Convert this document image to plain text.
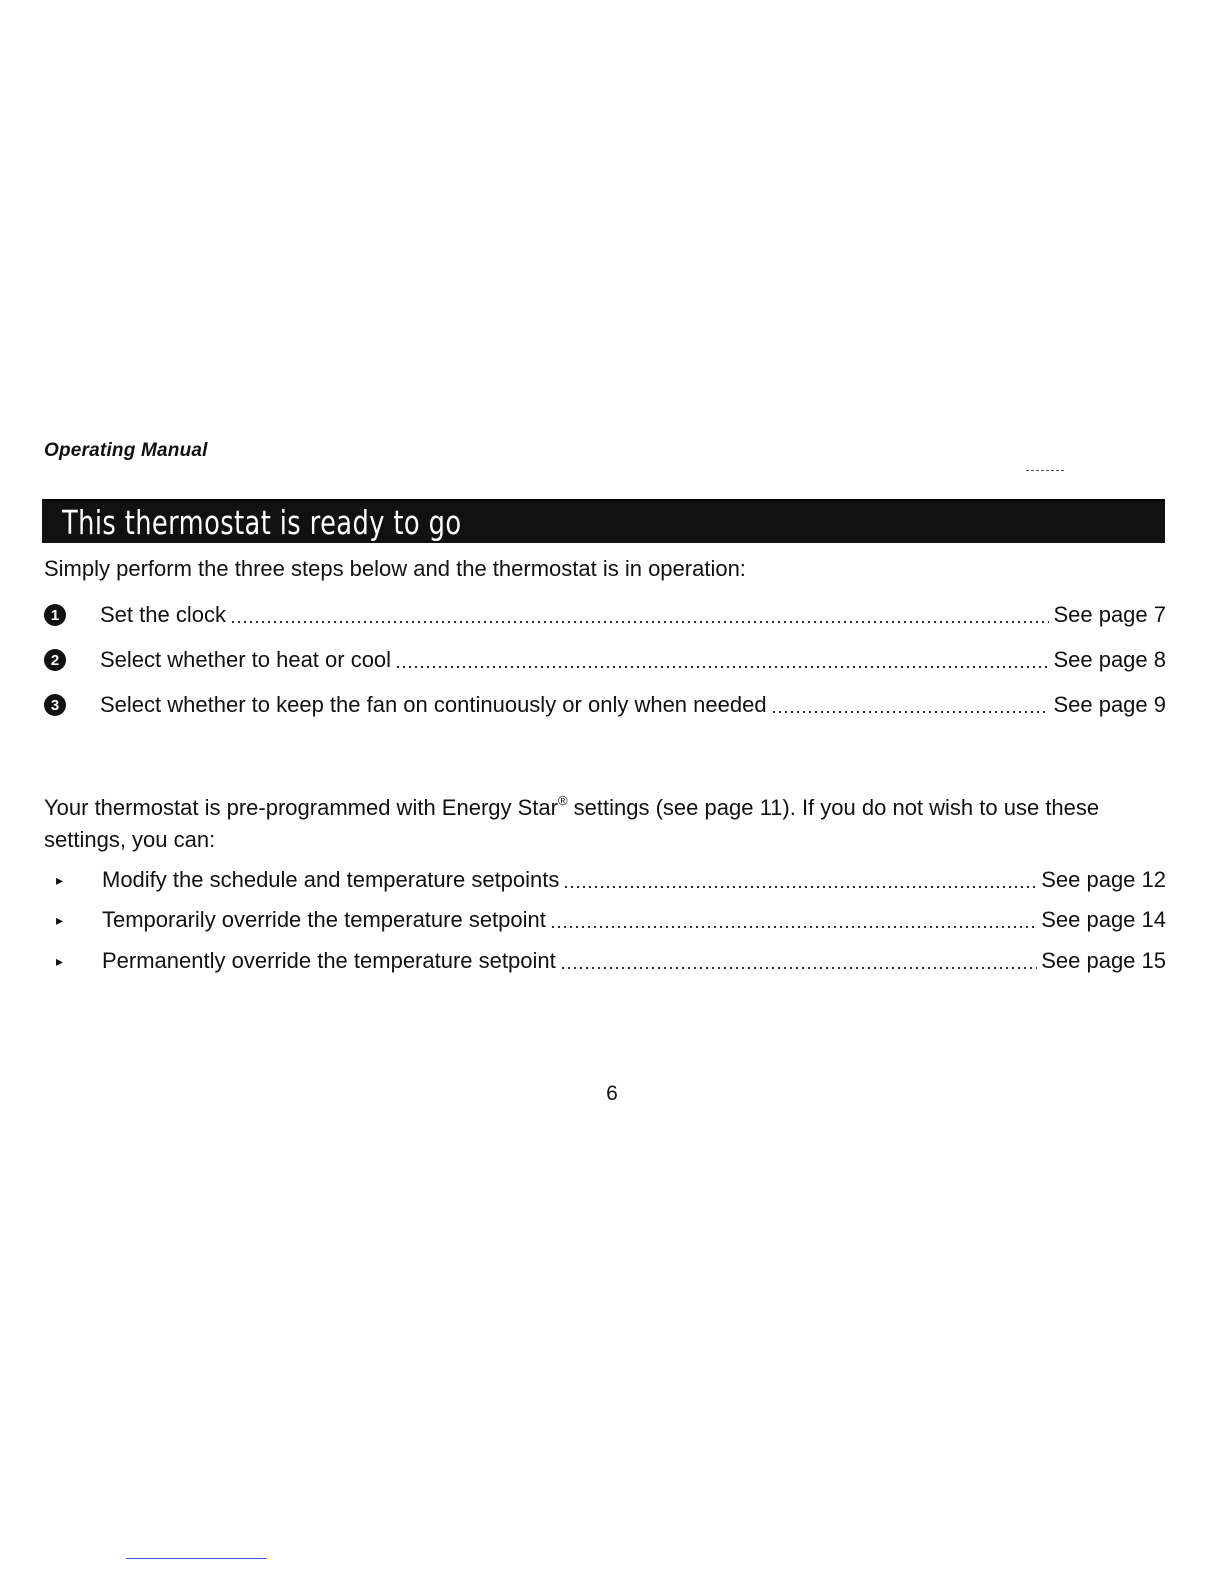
Operating Manual
This thermostat is ready to go
Simply perform the three steps below and the thermostat is in operation:
1	Set the clock	See page 7
2	Select whether to heat or cool	See page 8
3	Select whether to keep the fan on continuously or only when needed	See page 9
Your thermostat is pre-programmed with Energy Star® settings (see page 11). If you do not wish to use these settings, you can:
▸	Modify the schedule and temperature setpoints	See page 12
▸	Temporarily override the temperature setpoint	See page 14
▸	Permanently override the temperature setpoint	See page 15
6
